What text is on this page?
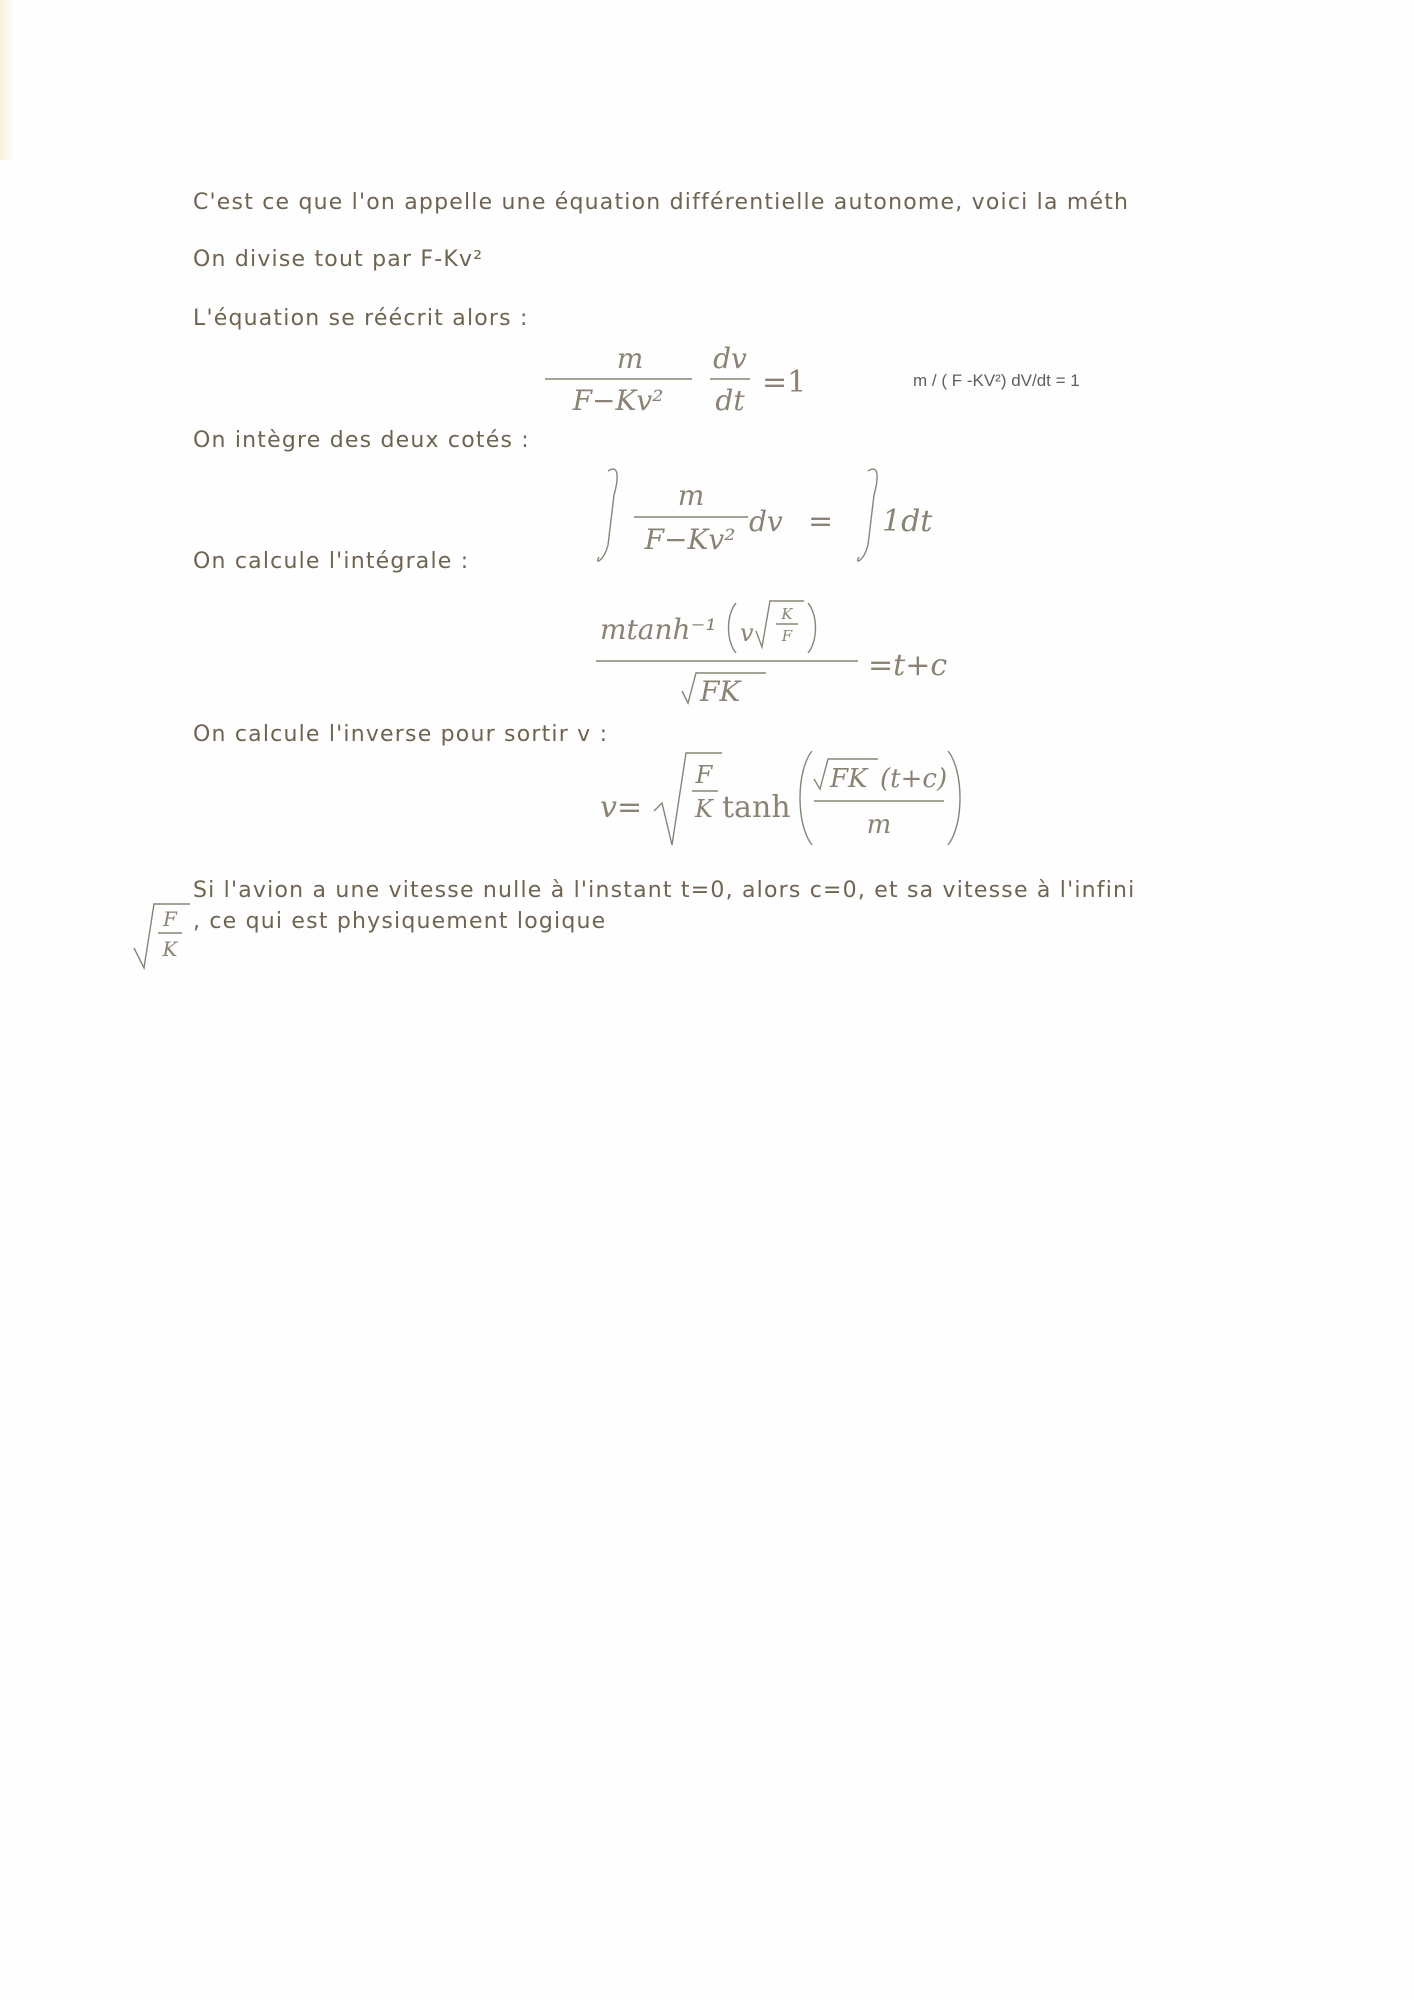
C'est ce que l'on appelle une équation différentielle autonome, voici la méth
On divise tout par F-Kv²
L'équation se réécrit alors :
m
F−Kv²
dv
dt
=1	m / ( F -KV²) dV/dt = 1
On intègre des deux cotés :
m
F−Kv²
dv = 1dt
On calcule l'intégrale :
mtanh⁻¹ v
K
F
FK
=t+c
On calcule l'inverse pour sortir v :
v=
F
K tanh
FK (t+c)
m
Si l'avion a une vitesse nulle à l'instant t=0, alors c=0, et sa vitesse à l'infini
F
K
, ce qui est physiquement logique
